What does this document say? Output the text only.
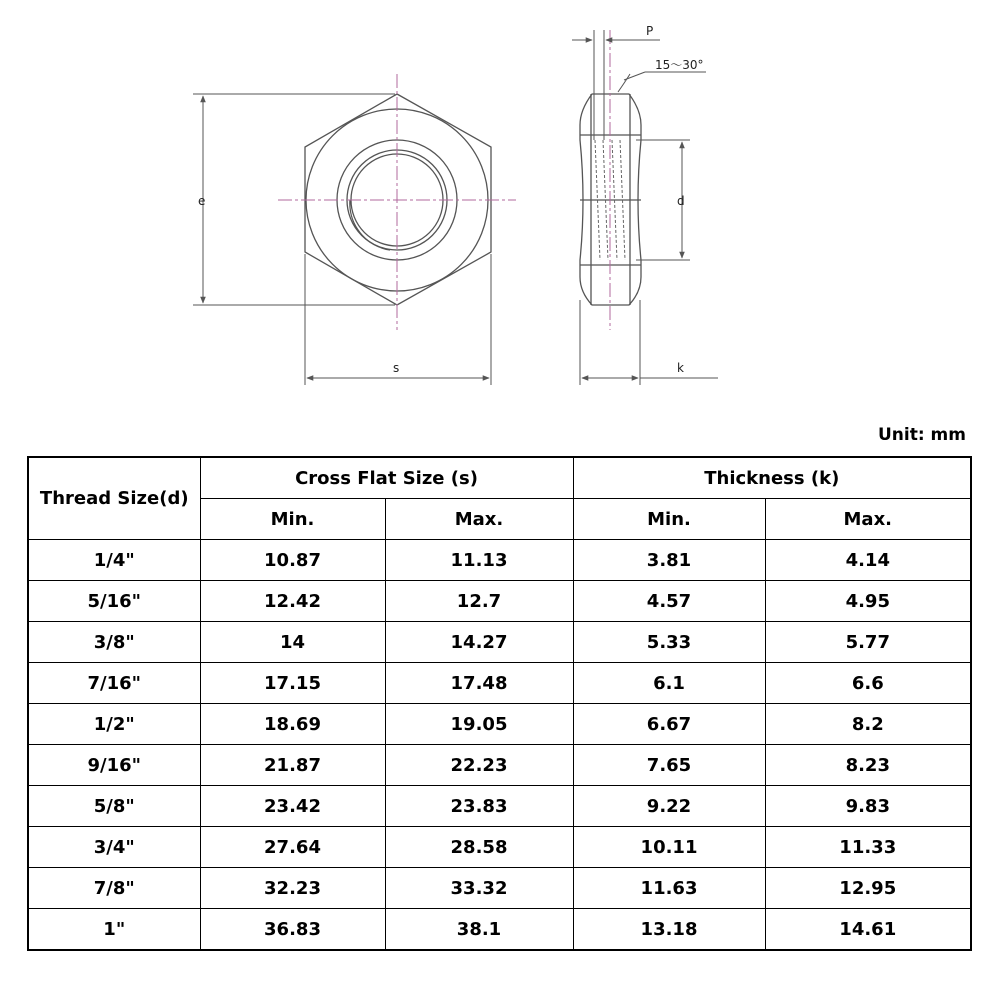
e
s
P
15～30°
d
k
Unit: mm
Thread Size(d)	Cross Flat Size (s)		Thickness (k)	
	Min.	Max.	Min.	Max.
1/4"	10.87	11.13	3.81	4.14
5/16"	12.42	12.7	4.57	4.95
3/8"	14	14.27	5.33	5.77
7/16"	17.15	17.48	6.1	6.6
1/2"	18.69	19.05	6.67	8.2
9/16"	21.87	22.23	7.65	8.23
5/8"	23.42	23.83	9.22	9.83
3/4"	27.64	28.58	10.11	11.33
7/8"	32.23	33.32	11.63	12.95
1"	36.83	38.1	13.18	14.61
